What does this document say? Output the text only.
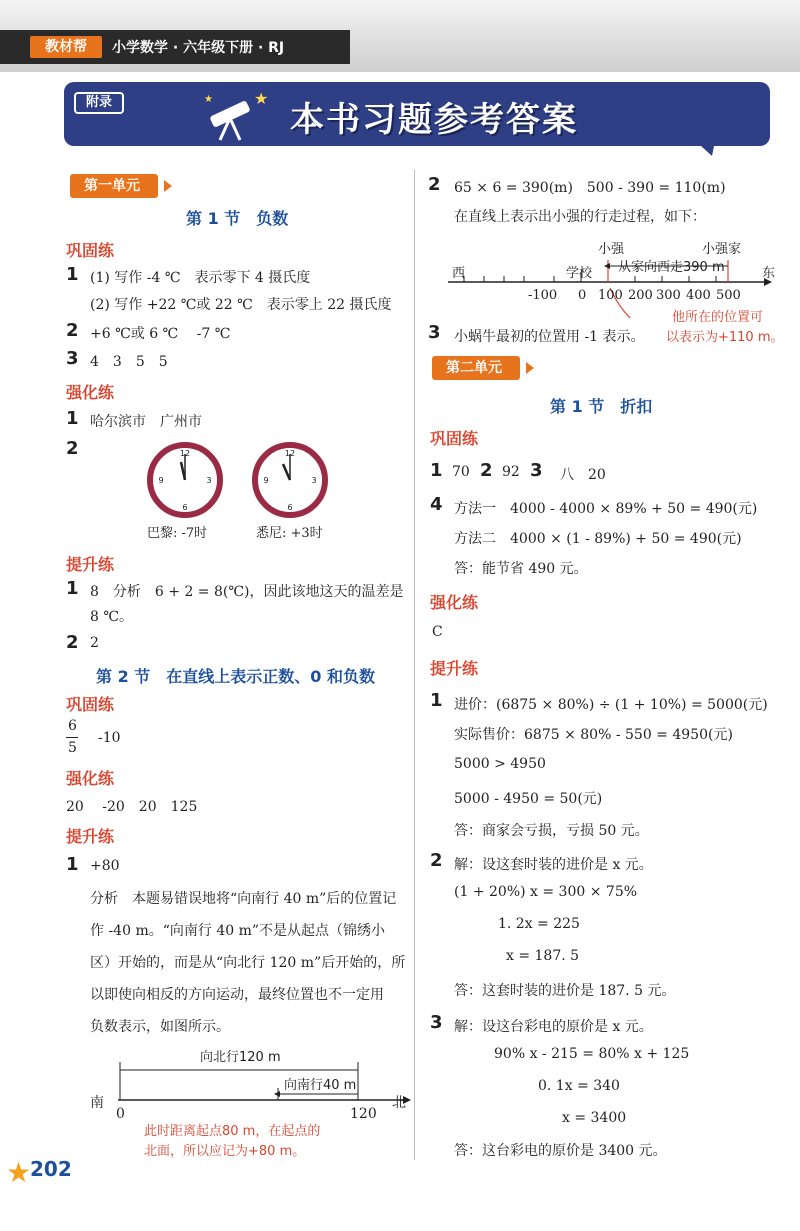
教材帮	小学数学 · 六年级下册 · RJ
附录	★
★
本书习题参考答案
第一单元
第 1 节　负数
巩固练
1 (1) 写作 -4 ℃　表示零下 4 摄氏度
(2) 写作 +22 ℃或 22 ℃　表示零上 22 摄氏度
2 +6 ℃或 6 ℃　 -7 ℃
3 4　3　5　5
强化练
1 哈尔滨市　广州市
2	12
3
6
9
12
3
6
9
巴黎: -7时	悉尼: +3时
提升练
1 8　分析　6 + 2 = 8(℃)，因此该地这天的温差是
8 ℃。
2 2
第 2 节　在直线上表示正数、0 和负数
巩固练
6
5
-10
强化练
20　 -20　20　125
提升练
1 +80
分析　本题易错误地将“向南行 40 m”后的位置记
作 -40 m。“向南行 40 m”不是从起点（锦绣小
区）开始的，而是从“向北行 120 m”后开始的，所
以即使向相反的方向运动，最终位置也不一定用
负数表示，如图所示。
向北行120 m
向南行40 m
南	北
0	120
此时距离起点80 m，在起点的
北面，所以应记为+80 m。
2 65 × 6 = 390(m)　500 - 390 = 110(m)
在直线上表示出小强的行走过程，如下：
小强	小强家
西	学校 从家向西走390 m	东
-100 0 100 200 300 400 500
3 小蜗牛最初的位置用 -1 表示。
他所在的位置可
以表示为+110 m。
第二单元
第 1 节　折扣
巩固练
1 70 2 92 3 八　20
4 方法一　4000 - 4000 × 89% + 50 = 490(元)
方法二　4000 × (1 - 89%) + 50 = 490(元)
答：能节省 490 元。
强化练
C
提升练
1 进价：(6875 × 80%) ÷ (1 + 10%) = 5000(元)
实际售价：6875 × 80% - 550 = 4950(元)
5000 > 4950
5000 - 4950 = 50(元)
答：商家会亏损，亏损 50 元。
2 解：设这套时装的进价是 x 元。
(1 + 20%) x = 300 × 75%
1. 2x = 225
x = 187. 5
答：这套时装的进价是 187. 5 元。
3 解：设这台彩电的原价是 x 元。
90% x - 215 = 80% x + 125
0. 1x = 340
x = 3400
答：这台彩电的原价是 3400 元。
★
202
